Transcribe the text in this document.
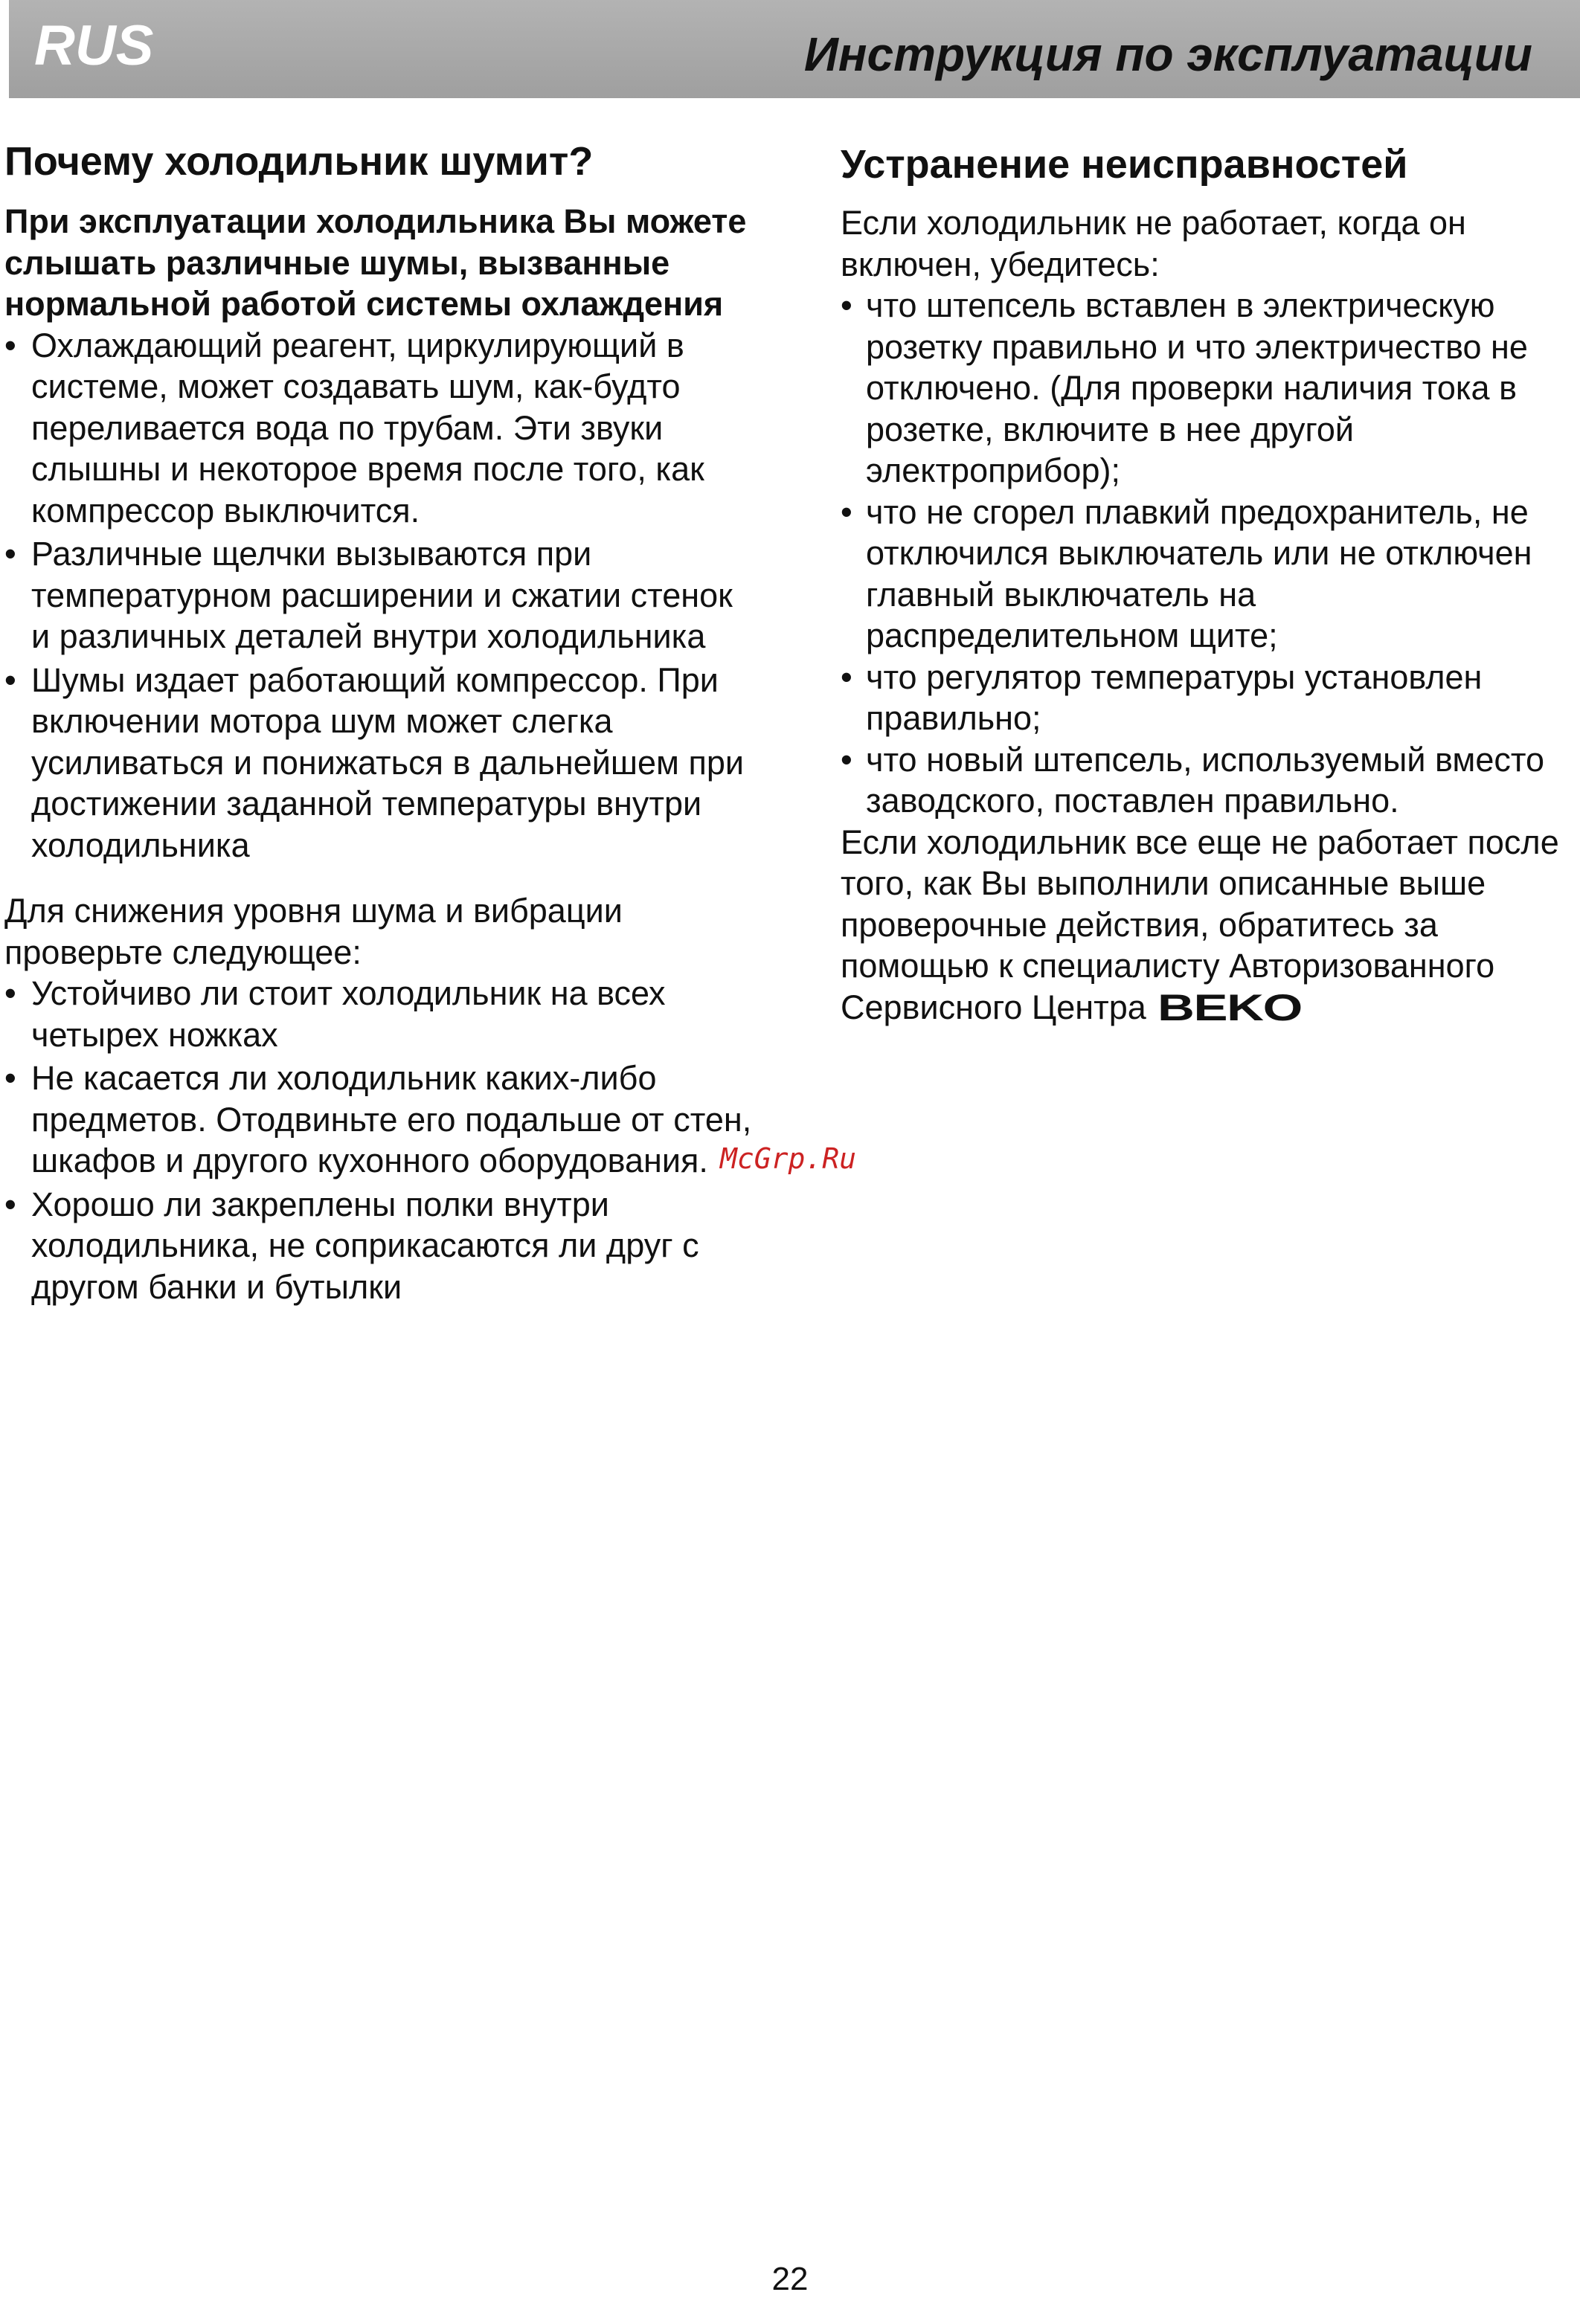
RUS	Инструкция по эксплуатации
Почему холодильник шумит?

При эксплуатации холодильника Вы можете слышать различные шумы, вызванные нормальной работой системы охлаждения

• Охлаждающий реагент, циркулирующий в системе, может создавать шум, как-будто переливается вода по трубам. Эти звуки слышны и некоторое время после того, как компрессор выключится.
• Различные щелчки вызываются при температурном расширении и сжатии стенок и различных деталей внутри холодильника
• Шумы издает работающий компрессор. При включении мотора шум может слегка усиливаться и понижаться в дальнейшем при достижении заданной температуры внутри холодильника

Для снижения уровня шума и вибрации проверьте следующее:

• Устойчиво ли стоит холодильник на всех четырех ножках
• Не касается ли холодильник каких-либо предметов. Отодвиньте его подальше от стен, шкафов и другого кухонного оборудования.
• Хорошо ли закреплены полки внутри холодильника, не соприкасаются ли друг с другом банки и бутылки
Устранение неисправностей

Если холодильник не работает, когда он включен, убедитесь:

• что штепсель вставлен в электрическую розетку правильно и что электричество не отключено. (Для проверки наличия тока в розетке, включите в нее другой электроприбор);
• что не сгорел плавкий предохранитель, не отключился выключатель или не отключен главный выключатель на распределительном щите;
• что регулятор температуры установлен правильно;
• что новый штепсель, используемый вместо заводского, поставлен правильно.

Если холодильник все еще не работает после того, как Вы выполнили описанные выше проверочные действия, обратитесь за помощью к специалисту Авторизованного Сервисного Центра BEKO

McGrp.Ru
22
